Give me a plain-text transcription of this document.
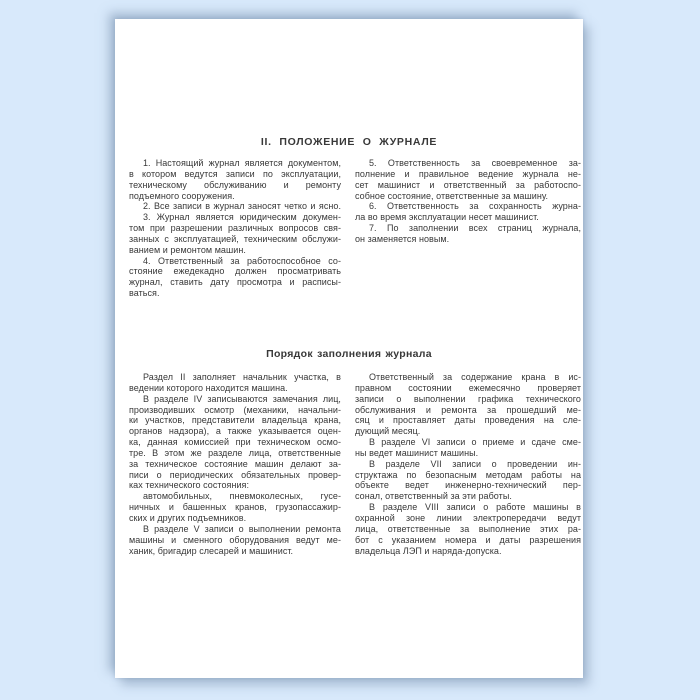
II. ПОЛОЖЕНИЕ О ЖУРНАЛЕ
1. Настоящий журнал является документом,
в котором ведутся записи по эксплуатации,
техническому обслуживанию и ремонту
подъемного сооружения.
2. Все записи в журнал заносят четко и ясно.
3. Журнал является юридическим докумен-
том при разрешении различных вопросов свя-
занных с эксплуатацией, техническим обслужи-
ванием и ремонтом машин.
4. Ответственный за работоспособное со-
стояние ежедекадно должен просматривать
журнал, ставить дату просмотра и расписы-
ваться.
5. Ответственность за своевременное за-
полнение и правильное ведение журнала не-
сет машинист и ответственный за работоспо-
собное состояние, ответственные за машину.
6. Ответственность за сохранность журна-
ла во время эксплуатации несет машинист.
7. По заполнении всех страниц журнала,
он заменяется новым.
Порядок заполнения журнала
Раздел II заполняет начальник участка, в
ведении которого находится машина.
В разделе IV записываются замечания лиц,
производивших осмотр (механики, начальни-
ки участков, представители владельца крана,
органов надзора), а также указывается оцен-
ка, данная комиссией при техническом осмо-
тре. В этом же разделе лица, ответственные
за техническое состояние машин делают за-
писи о периодических обязательных провер-
ках технического состояния:
автомобильных, пневмоколесных, гусе-
ничных и башенных кранов, грузопассажир-
ских и других подъемников.
В разделе V записи о выполнении ремонта
машины и сменного оборудования ведут ме-
ханик, бригадир слесарей и машинист.
Ответственный за содержание крана в ис-
правном состоянии ежемесячно проверяет
записи о выполнении графика технического
обслуживания и ремонта за прошедший ме-
сяц и проставляет даты проведения на сле-
дующий месяц.
В разделе VI записи о приеме и сдаче сме-
ны ведет машинист машины.
В разделе VII записи о проведении ин-
структажа по безопасным методам работы на
объекте ведет инженерно-технический пер-
сонал, ответственный за эти работы.
В разделе VIII записи о работе машины в
охранной зоне линии электропередачи ведут
лица, ответственные за выполнение этих ра-
бот с указанием номера и даты разрешения
владельца ЛЭП и наряда-допуска.
